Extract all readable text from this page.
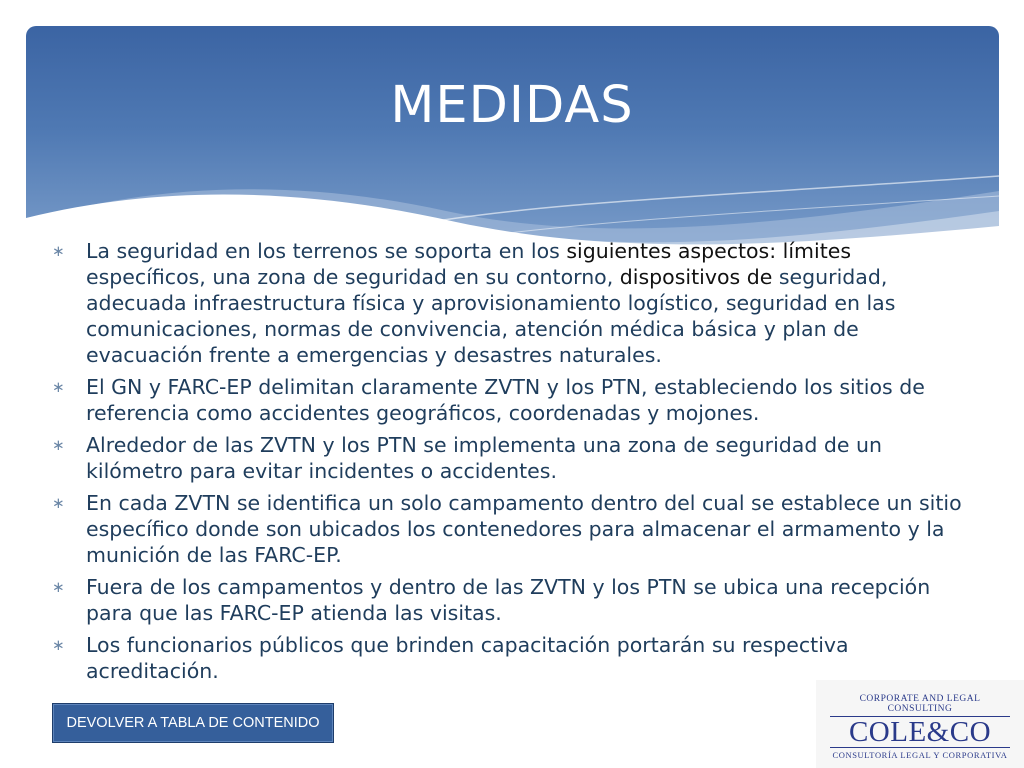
MEDIDAS
∗ La seguridad en los terrenos se soporta en los siguientes aspectos: límites específicos, una zona de seguridad en su contorno, dispositivos de seguridad, adecuada infraestructura física y aprovisionamiento logístico, seguridad en las comunicaciones, normas de convivencia, atención médica básica y plan de evacuación frente a emergencias y desastres naturales.
∗ El GN y FARC-EP delimitan claramente ZVTN y los PTN, estableciendo los sitios de referencia como accidentes geográficos, coordenadas y mojones.
∗ Alrededor de las ZVTN y los PTN se implementa una zona de seguridad de un kilómetro para evitar incidentes o accidentes.
∗ En cada ZVTN se identifica un solo campamento dentro del cual se establece un sitio específico donde son ubicados los contenedores para almacenar el armamento y la munición de las FARC-EP.
∗ Fuera de los campamentos y dentro de las ZVTN y los PTN se ubica una recepción para que las FARC-EP atienda las visitas.
∗ Los funcionarios públicos que brinden capacitación portarán su respectiva acreditación.
DEVOLVER A TABLA DE CONTENIDO
CORPORATE AND LEGAL CONSULTING
COLE&CO
CONSULTORÍA LEGAL Y CORPORATIVA
